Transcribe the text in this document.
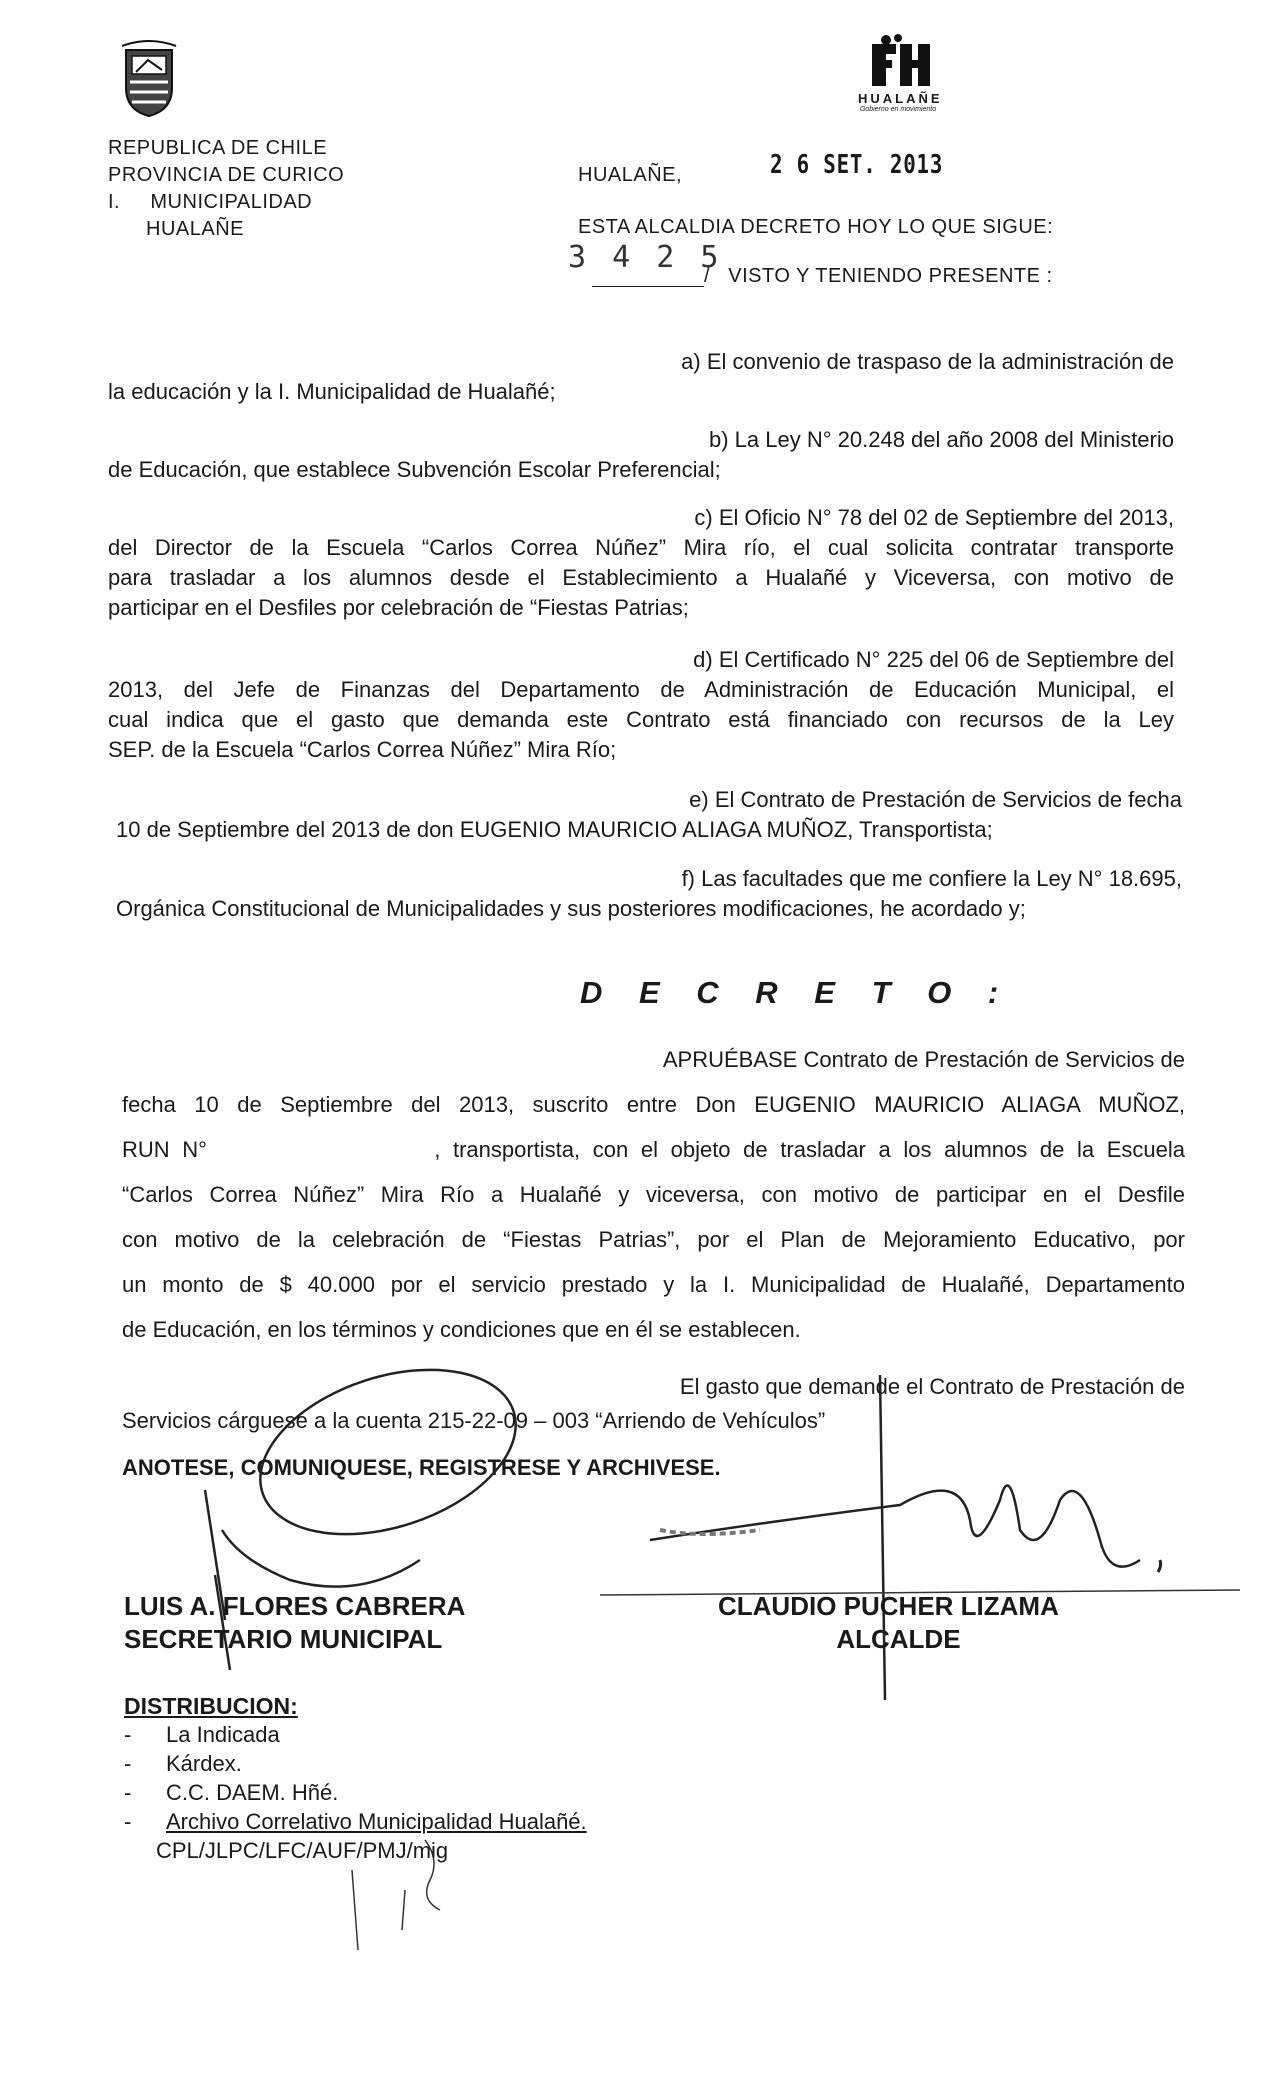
HUALAÑE
Gobierno en movimiento
REPUBLICA DE CHILE
PROVINCIA DE CURICO
I.     MUNICIPALIDAD
HUALAÑE
HUALAÑE,	2 6 SET. 2013
ESTA ALCALDIA DECRETO HOY LO QUE SIGUE:
3 4 2 5
/   VISTO Y TENIENDO PRESENTE :
a) El convenio de traspaso de la administración de
la educación y la I. Municipalidad de Hualañé;
b) La Ley N° 20.248 del año 2008 del Ministerio
de Educación, que establece Subvención Escolar Preferencial;
c) El Oficio N° 78 del 02 de Septiembre del 2013,
del Director de la Escuela “Carlos Correa Núñez” Mira río, el cual solicita contratar transporte
para trasladar a los alumnos desde el Establecimiento a Hualañé y Viceversa, con motivo de
participar en el Desfiles por celebración de “Fiestas Patrias;
d) El Certificado N° 225 del 06 de Septiembre del
2013, del Jefe de Finanzas del Departamento de Administración de Educación Municipal, el
cual indica que el gasto que demanda este Contrato está financiado con recursos de la Ley
SEP. de la Escuela “Carlos Correa Núñez” Mira Río;
e) El Contrato de Prestación de Servicios de fecha
10 de Septiembre del 2013 de don EUGENIO MAURICIO ALIAGA MUÑOZ, Transportista;
f) Las facultades que me confiere la Ley N° 18.695,
Orgánica Constitucional de Municipalidades y sus posteriores modificaciones, he acordado y;
D E C R E T O :
APRUÉBASE Contrato de Prestación de Servicios de
fecha 10 de Septiembre del 2013, suscrito entre Don EUGENIO MAURICIO ALIAGA MUÑOZ,
RUN N°                  , transportista, con el objeto de trasladar a los alumnos de la Escuela
“Carlos Correa Núñez” Mira Río a Hualañé y viceversa, con motivo de participar en el Desfile
con motivo de la celebración de “Fiestas Patrias”, por el Plan de Mejoramiento Educativo, por
un monto de $ 40.000 por el servicio prestado y la I. Municipalidad de Hualañé, Departamento
de Educación, en los términos y condiciones que en él se establecen.
El gasto que demande el Contrato de Prestación de
Servicios cárguese a la cuenta 215-22-09 – 003 “Arriendo de Vehículos”
ANOTESE, COMUNIQUESE, REGISTRESE Y ARCHIVESE.
LUIS A. FLORES CABRERA
SECRETARIO MUNICIPAL
CLAUDIO PUCHER LIZAMA
ALCALDE
DISTRIBUCION:
- La Indicada
- Kárdex.
- C.C. DAEM. Hñé.
- Archivo Correlativo Municipalidad Hualañé.
CPL/JLPC/LFC/AUF/PMJ/mig
